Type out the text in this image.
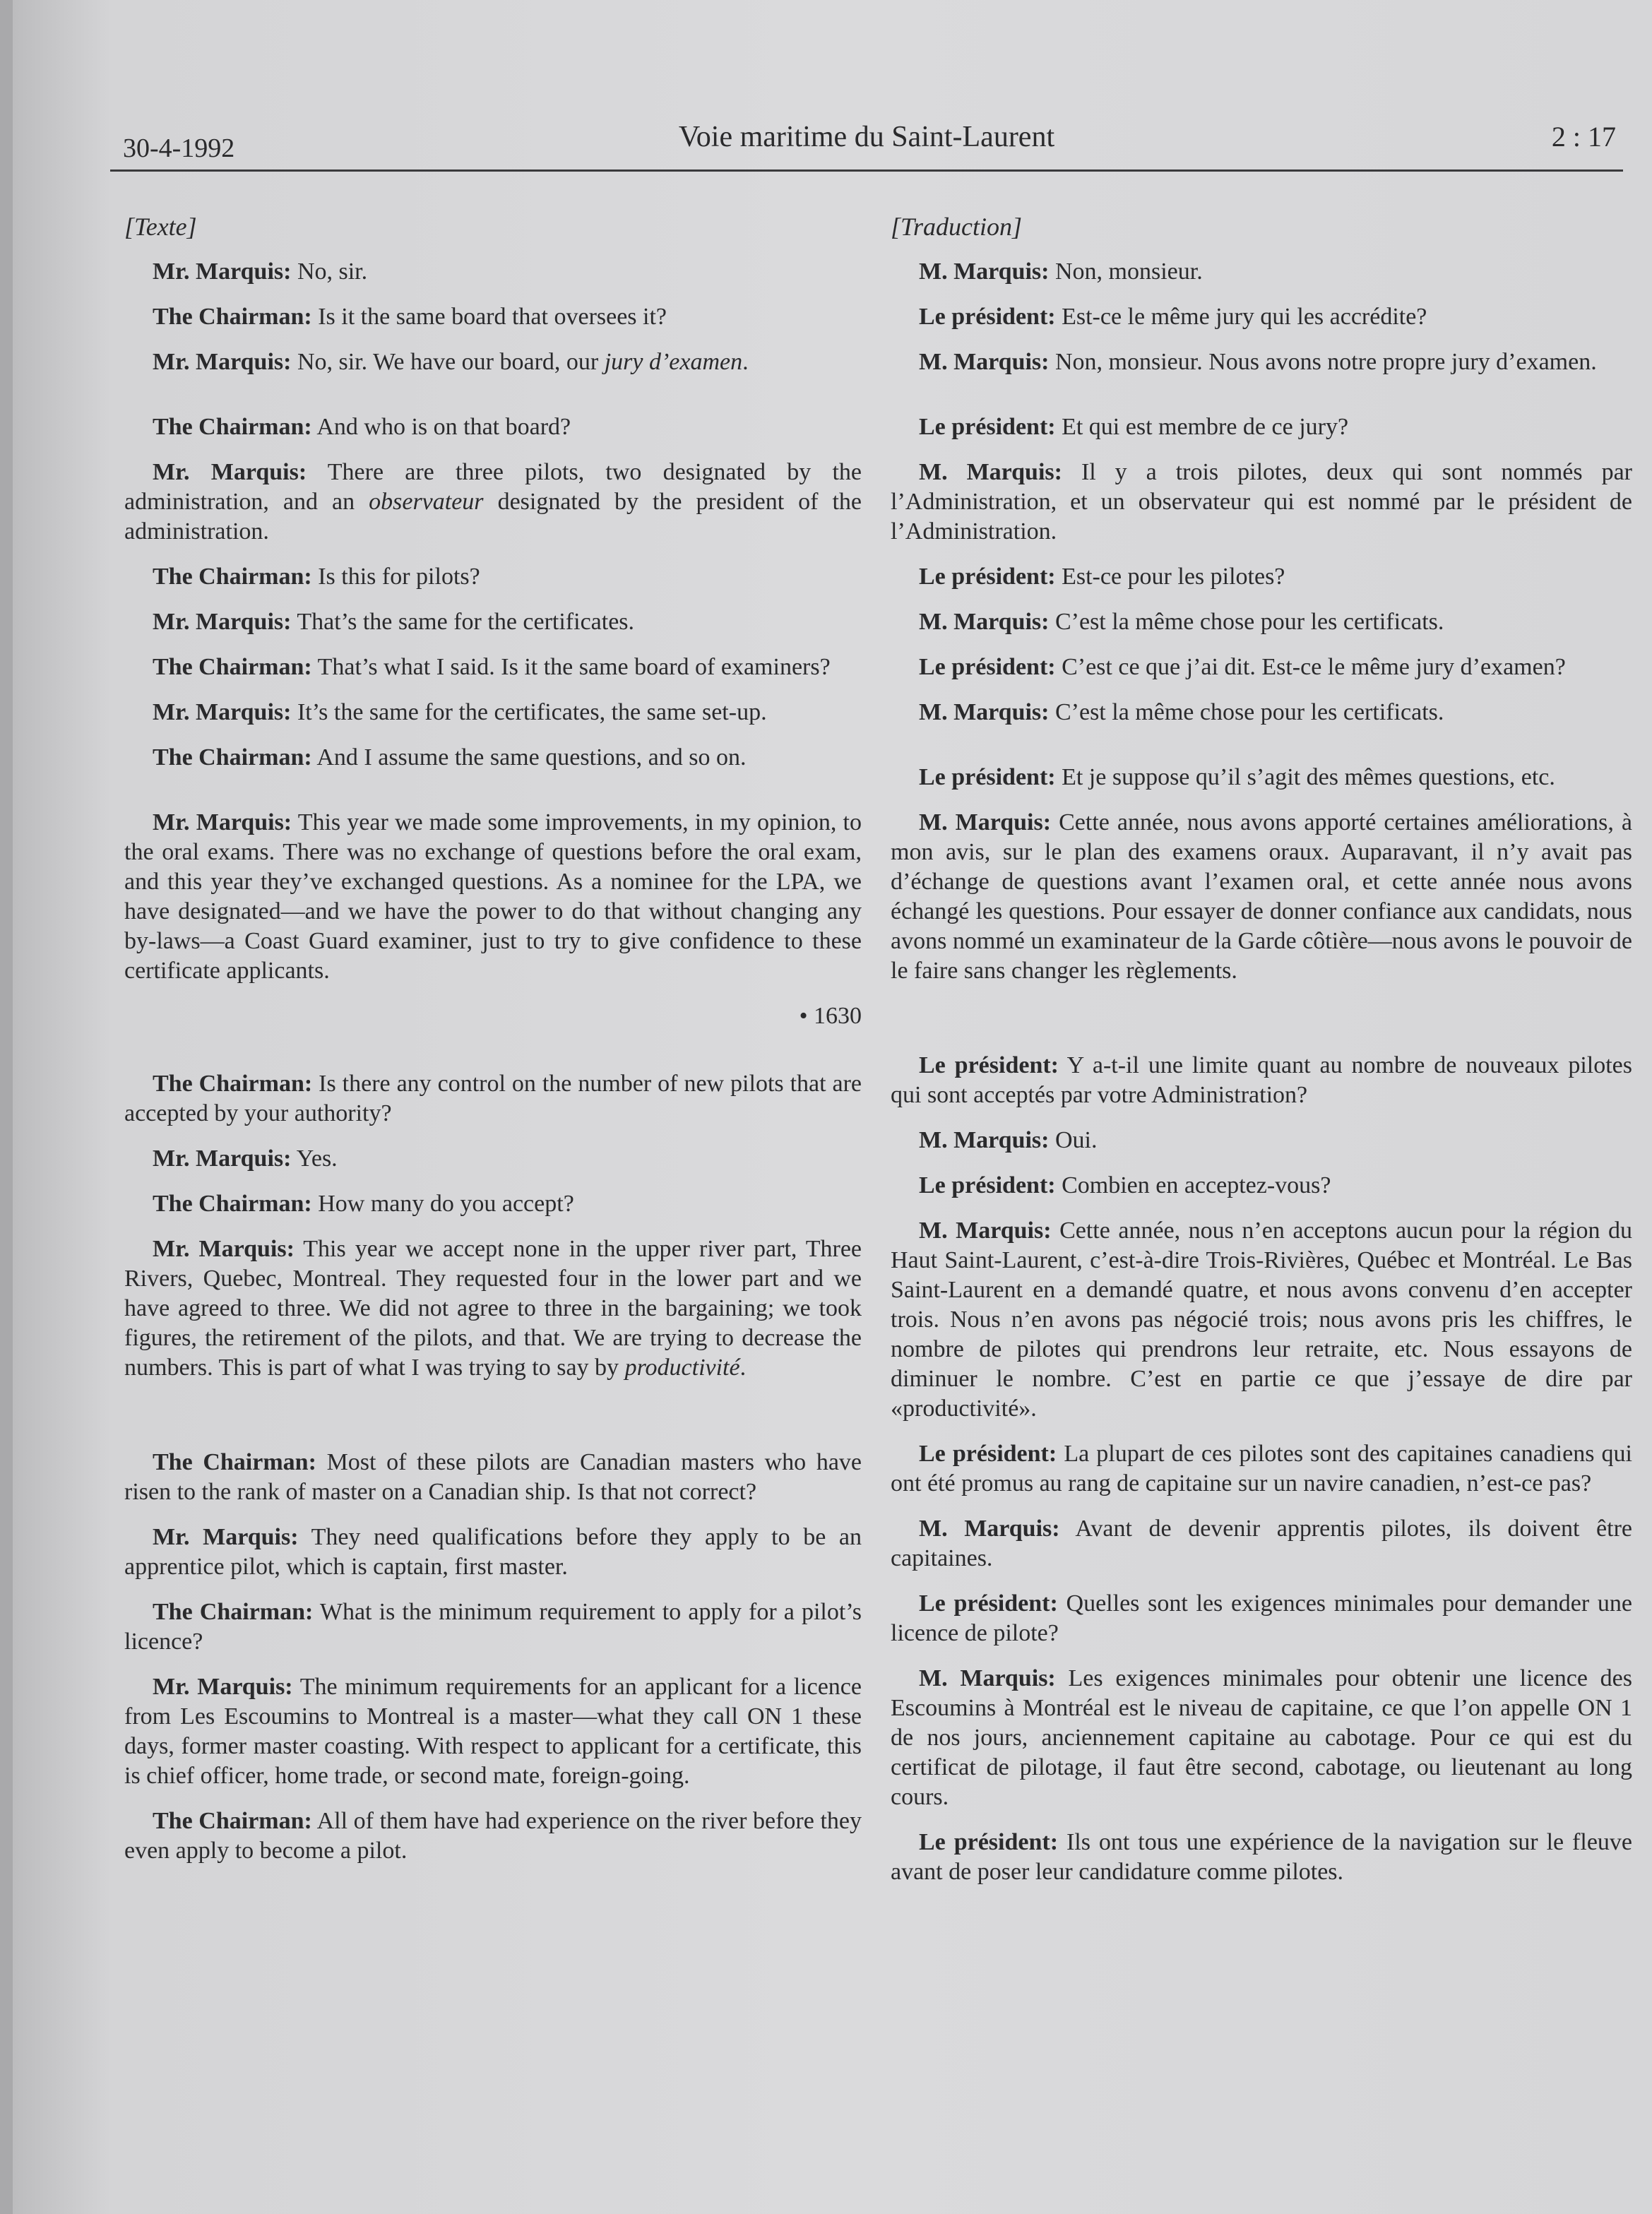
30-4-1992	Voie maritime du Saint-Laurent	2 : 17
[Texte]

Mr. Marquis: No, sir.

The Chairman: Is it the same board that oversees it?

Mr. Marquis: No, sir. We have our board, our jury d’examen.

The Chairman: And who is on that board?

Mr. Marquis: There are three pilots, two designated by the administration, and an observateur designated by the president of the administration.

The Chairman: Is this for pilots?

Mr. Marquis: That’s the same for the certificates.

The Chairman: That’s what I said. Is it the same board of examiners?

Mr. Marquis: It’s the same for the certificates, the same set-up.

The Chairman: And I assume the same questions, and so on.

Mr. Marquis: This year we made some improvements, in my opinion, to the oral exams. There was no exchange of questions before the oral exam, and this year they’ve exchanged questions. As a nominee for the LPA, we have designated—and we have the power to do that without changing any by-laws—a Coast Guard examiner, just to try to give confidence to these certificate applicants.

• 1630

The Chairman: Is there any control on the number of new pilots that are accepted by your authority?

Mr. Marquis: Yes.

The Chairman: How many do you accept?

Mr. Marquis: This year we accept none in the upper river part, Three Rivers, Quebec, Montreal. They requested four in the lower part and we have agreed to three. We did not agree to three in the bargaining; we took figures, the retirement of the pilots, and that. We are trying to decrease the numbers. This is part of what I was trying to say by productivité.

The Chairman: Most of these pilots are Canadian masters who have risen to the rank of master on a Canadian ship. Is that not correct?

Mr. Marquis: They need qualifications before they apply to be an apprentice pilot, which is captain, first master.

The Chairman: What is the minimum requirement to apply for a pilot’s licence?

Mr. Marquis: The minimum requirements for an applicant for a licence from Les Escoumins to Montreal is a master—what they call ON 1 these days, former master coasting. With respect to applicant for a certificate, this is chief officer, home trade, or second mate, foreign-going.

The Chairman: All of them have had experience on the river before they even apply to become a pilot.

[Traduction]

M. Marquis: Non, monsieur.

Le président: Est-ce le même jury qui les accrédite?

M. Marquis: Non, monsieur. Nous avons notre propre jury d’examen.

Le président: Et qui est membre de ce jury?

M. Marquis: Il y a trois pilotes, deux qui sont nommés par l’Administration, et un observateur qui est nommé par le président de l’Administration.

Le président: Est-ce pour les pilotes?

M. Marquis: C’est la même chose pour les certificats.

Le président: C’est ce que j’ai dit. Est-ce le même jury d’examen?

M. Marquis: C’est la même chose pour les certificats.

Le président: Et je suppose qu’il s’agit des mêmes questions, etc.

M. Marquis: Cette année, nous avons apporté certaines améliorations, à mon avis, sur le plan des examens oraux. Auparavant, il n’y avait pas d’échange de questions avant l’examen oral, et cette année nous avons échangé les questions. Pour essayer de donner confiance aux candidats, nous avons nommé un examinateur de la Garde côtière—nous avons le pouvoir de le faire sans changer les règlements.

Le président: Y a-t-il une limite quant au nombre de nouveaux pilotes qui sont acceptés par votre Administration?

M. Marquis: Oui.

Le président: Combien en acceptez-vous?

M. Marquis: Cette année, nous n’en acceptons aucun pour la région du Haut Saint-Laurent, c’est-à-dire Trois-Rivières, Québec et Montréal. Le Bas Saint-Laurent en a demandé quatre, et nous avons convenu d’en accepter trois. Nous n’en avons pas négocié trois; nous avons pris les chiffres, le nombre de pilotes qui prendrons leur retraite, etc. Nous essayons de diminuer le nombre. C’est en partie ce que j’essaye de dire par «productivité».

Le président: La plupart de ces pilotes sont des capitaines canadiens qui ont été promus au rang de capitaine sur un navire canadien, n’est-ce pas?

M. Marquis: Avant de devenir apprentis pilotes, ils doivent être capitaines.

Le président: Quelles sont les exigences minimales pour demander une licence de pilote?

M. Marquis: Les exigences minimales pour obtenir une licence des Escoumins à Montréal est le niveau de capitaine, ce que l’on appelle ON 1 de nos jours, anciennement capitaine au cabotage. Pour ce qui est du certificat de pilotage, il faut être second, cabotage, ou lieutenant au long cours.

Le président: Ils ont tous une expérience de la navigation sur le fleuve avant de poser leur candidature comme pilotes.
